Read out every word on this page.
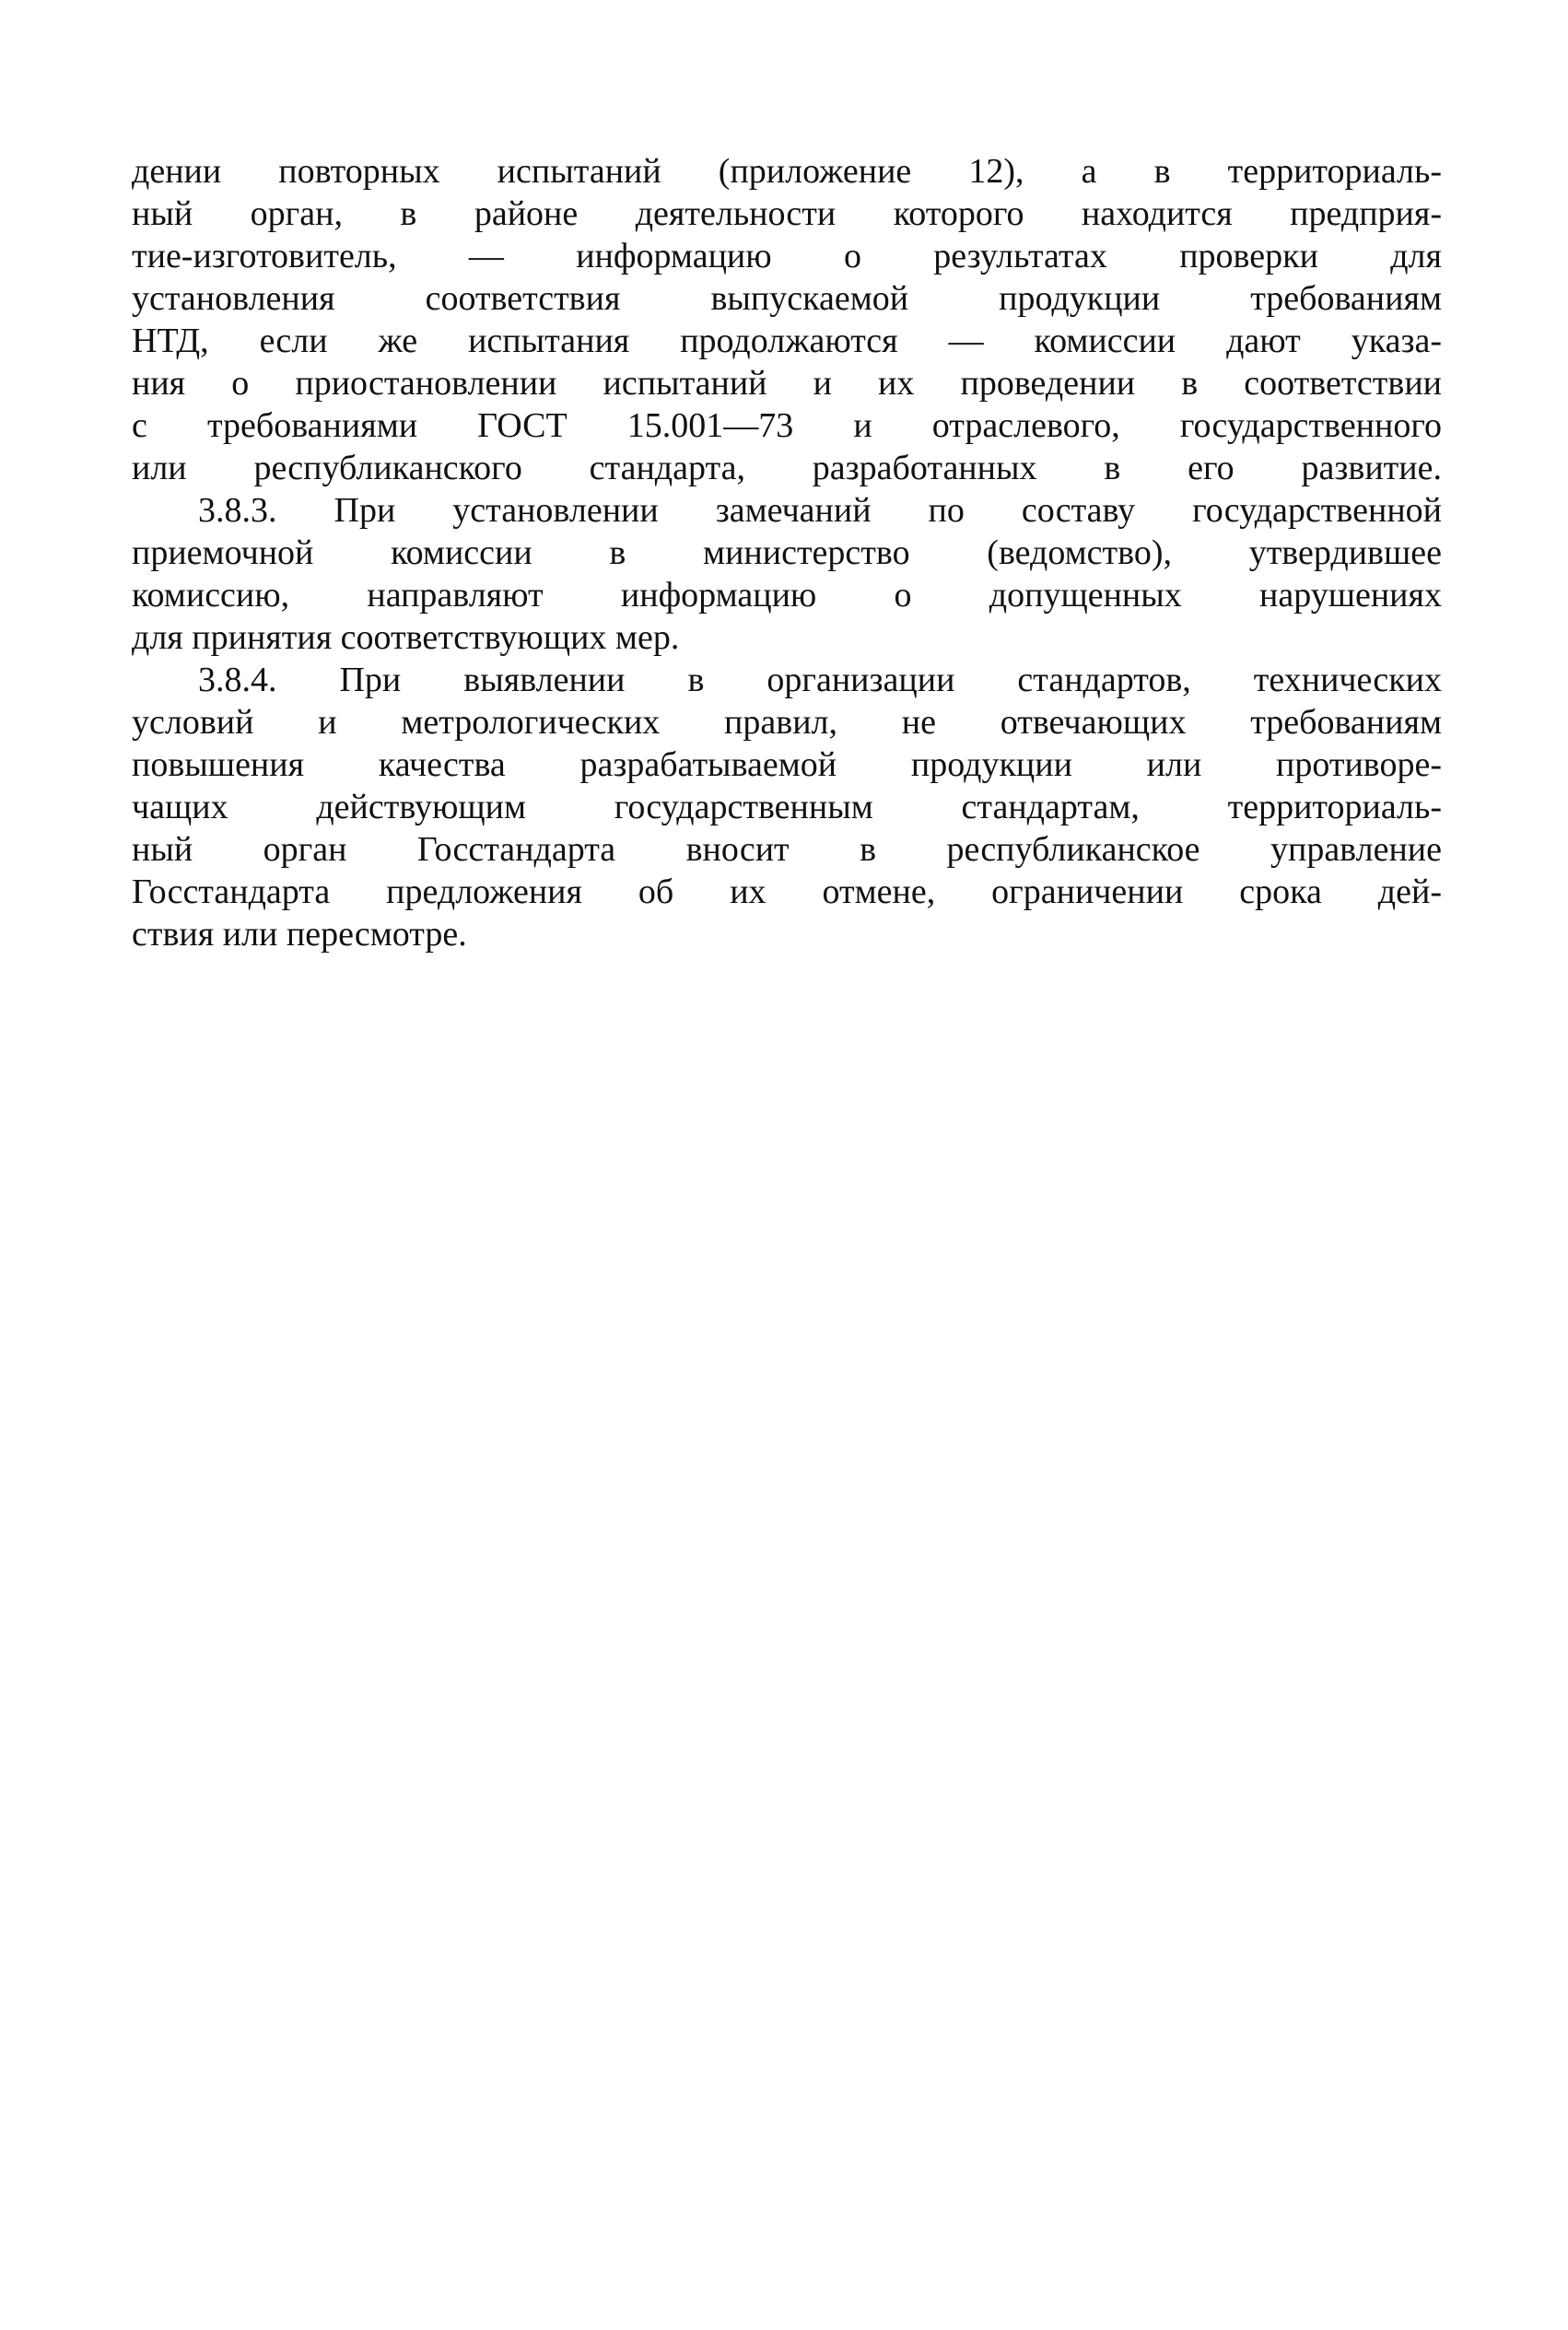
дении повторных испытаний (приложение 12), а в территориаль-
ный орган, в районе деятельности которого находится предприя-
тие-изготовитель, — информацию о результатах проверки для
установления соответствия выпускаемой продукции требованиям
НТД, если же испытания продолжаются — комиссии дают указа-
ния о приостановлении испытаний и их проведении в соответствии
с требованиями ГОСТ 15.001—73 и отраслевого, государственного
или республиканского стандарта, разработанных в его развитие.
3.8.3. При установлении замечаний по составу государственной
приемочной комиссии в министерство (ведомство), утвердившее
комиссию, направляют информацию о допущенных нарушениях
для принятия соответствующих мер.
3.8.4. При выявлении в организации стандартов, технических
условий и метрологических правил, не отвечающих требованиям
повышения качества разрабатываемой продукции или противоре-
чащих действующим государственным стандартам, территориаль-
ный орган Госстандарта вносит в республиканское управление
Госстандарта предложения об их отмене, ограничении срока дей-
ствия или пересмотре.
